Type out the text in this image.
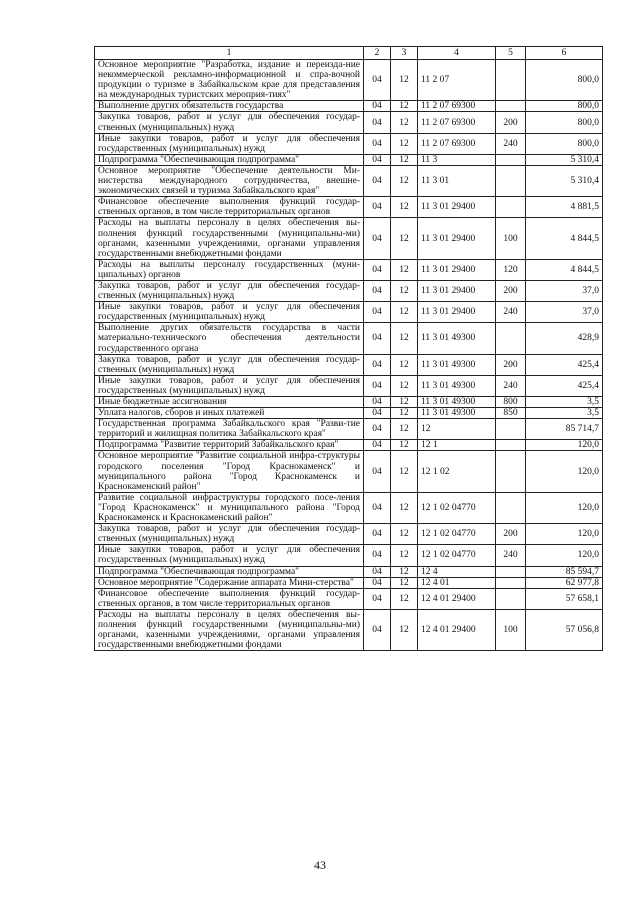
1	2	3	4	5	6
Основное мероприятие "Разработка, издание и переизда-ние некоммерческой рекламно-информационной и спра-вочной продукции о туризме в Забайкальском крае для представления на международных туристских мероприя-тиях"	04	12	11 2 07		800,0
Выполнение других обязательств государства	04	12	11 2 07 69300		800,0
Закупка товаров, работ и услуг для обеспечения государ-ственных (муниципальных) нужд	04	12	11 2 07 69300	200	800,0
Иные закупки товаров, работ и услуг для обеспечения государственных (муниципальных) нужд	04	12	11 2 07 69300	240	800,0
Подпрограмма "Обеспечивающая подпрограмма"	04	12	11 3		5 310,4
Основное мероприятие "Обеспечение деятельности Ми-нистерства международного сотрудничества, внешне-экономических связей и туризма Забайкальского края"	04	12	11 3 01		5 310,4
Финансовое обеспечение выполнения функций государ-ственных органов, в том числе территориальных органов	04	12	11 3 01 29400		4 881,5
Расходы на выплаты персоналу в целях обеспечения вы-полнения функций государственными (муниципальны-ми) органами, казенными учреждениями, органами управления государственными внебюджетными фондами	04	12	11 3 01 29400	100	4 844,5
Расходы на выплаты персоналу государственных (муни-ципальных) органов	04	12	11 3 01 29400	120	4 844,5
Закупка товаров, работ и услуг для обеспечения государ-ственных (муниципальных) нужд	04	12	11 3 01 29400	200	37,0
Иные закупки товаров, работ и услуг для обеспечения государственных (муниципальных) нужд	04	12	11 3 01 29400	240	37,0
Выполнение других обязательств государства в части материально-технического обеспечения деятельности государственного органа	04	12	11 3 01 49300		428,9
Закупка товаров, работ и услуг для обеспечения государ-ственных (муниципальных) нужд	04	12	11 3 01 49300	200	425,4
Иные закупки товаров, работ и услуг для обеспечения государственных (муниципальных) нужд	04	12	11 3 01 49300	240	425,4
Иные бюджетные ассигнования	04	12	11 3 01 49300	800	3,5
Уплата налогов, сборов и иных платежей	04	12	11 3 01 49300	850	3,5
Государственная программа Забайкальского края "Разви-тие территорий и жилищная политика Забайкальского края"	04	12	12		85 714,7
Подпрограмма "Развитие территорий Забайкальского края"	04	12	12 1		120,0
Основное мероприятие "Развитие социальной инфра-структуры городского поселения "Город Краснокаменск" и муниципального района "Город Краснокаменск и Краснокаменский район"	04	12	12 1 02		120,0
Развитие социальной инфраструктуры городского посе-ления "Город Краснокаменск" и муниципального района "Город Краснокаменск и Краснокаменский район"	04	12	12 1 02 04770		120,0
Закупка товаров, работ и услуг для обеспечения государ-ственных (муниципальных) нужд	04	12	12 1 02 04770	200	120,0
Иные закупки товаров, работ и услуг для обеспечения государственных (муниципальных) нужд	04	12	12 1 02 04770	240	120,0
Подпрограмма "Обеспечивающая подпрограмма"	04	12	12 4		85 594,7
Основное мероприятие "Содержание аппарата Мини-стерства"	04	12	12 4 01		62 977,8
Финансовое обеспечение выполнения функций государ-ственных органов, в том числе территориальных органов	04	12	12 4 01 29400		57 658,1
Расходы на выплаты персоналу в целях обеспечения вы-полнения функций государственными (муниципальны-ми) органами, казенными учреждениями, органами управления государственными внебюджетными фондами	04	12	12 4 01 29400	100	57 056,8
43
